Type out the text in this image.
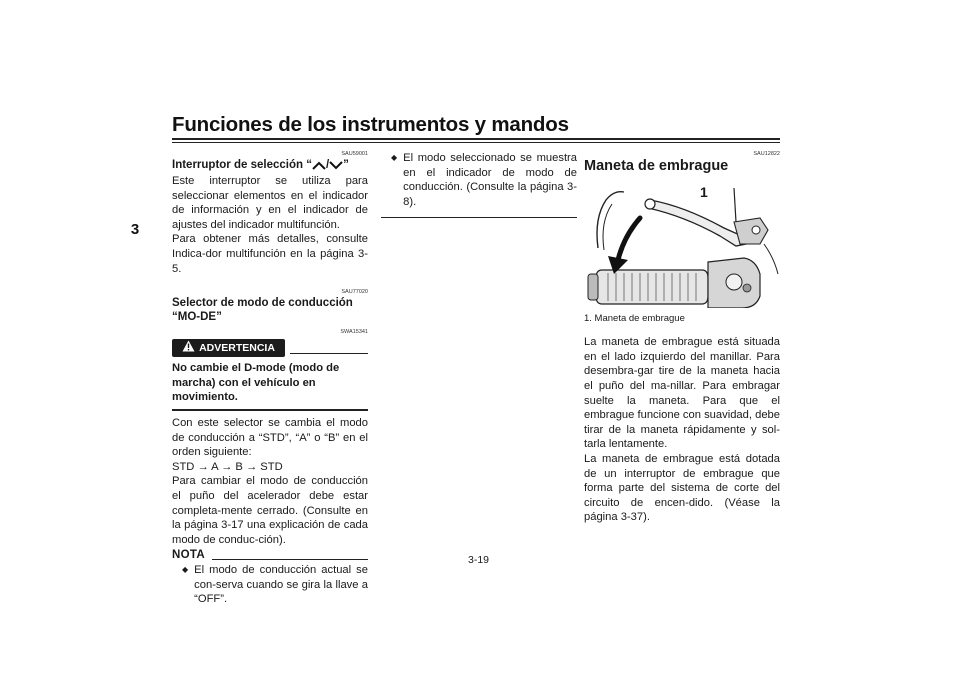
Funciones de los instrumentos y mandos
3
SAU59001
Interruptor de selección “ / ”

Este interruptor se utiliza para seleccionar elementos en el indicador de información y en el indicador de ajustes del indicador multifunción.

Para obtener más detalles, consulte Indica-dor multifunción en la página 3-5.

SAU77020
Selector de modo de conducción “MO-DE”
SWA15341
ADVERTENCIA
No cambie el D-mode (modo de marcha) con el vehículo en movimiento.

Con este selector se cambia el modo de conducción a “STD”, “A” o “B” en el orden siguiente:

STD → A → B → STD

Para cambiar el modo de conducción el puño del acelerador debe estar completa-mente cerrado. (Consulte en la página 3-17 una explicación de cada modo de conduc-ción).

NOTA
◆ El modo de conducción actual se con-serva cuando se gira la llave a “OFF”.
◆ El modo seleccionado se muestra en el indicador de modo de conducción. (Consulte la página 3-8).
SAU12822
Maneta de embrague
1
1. Maneta de embrague

La maneta de embrague está situada en el lado izquierdo del manillar. Para desembra-gar tire de la maneta hacia el puño del ma-nillar. Para embragar suelte la maneta. Para que el embrague funcione con suavidad, debe tirar de la maneta rápidamente y sol-tarla lentamente.

La maneta de embrague está dotada de un interruptor de embrague que forma parte del sistema de corte del circuito de encen-dido. (Véase la página 3-37).

3-19
